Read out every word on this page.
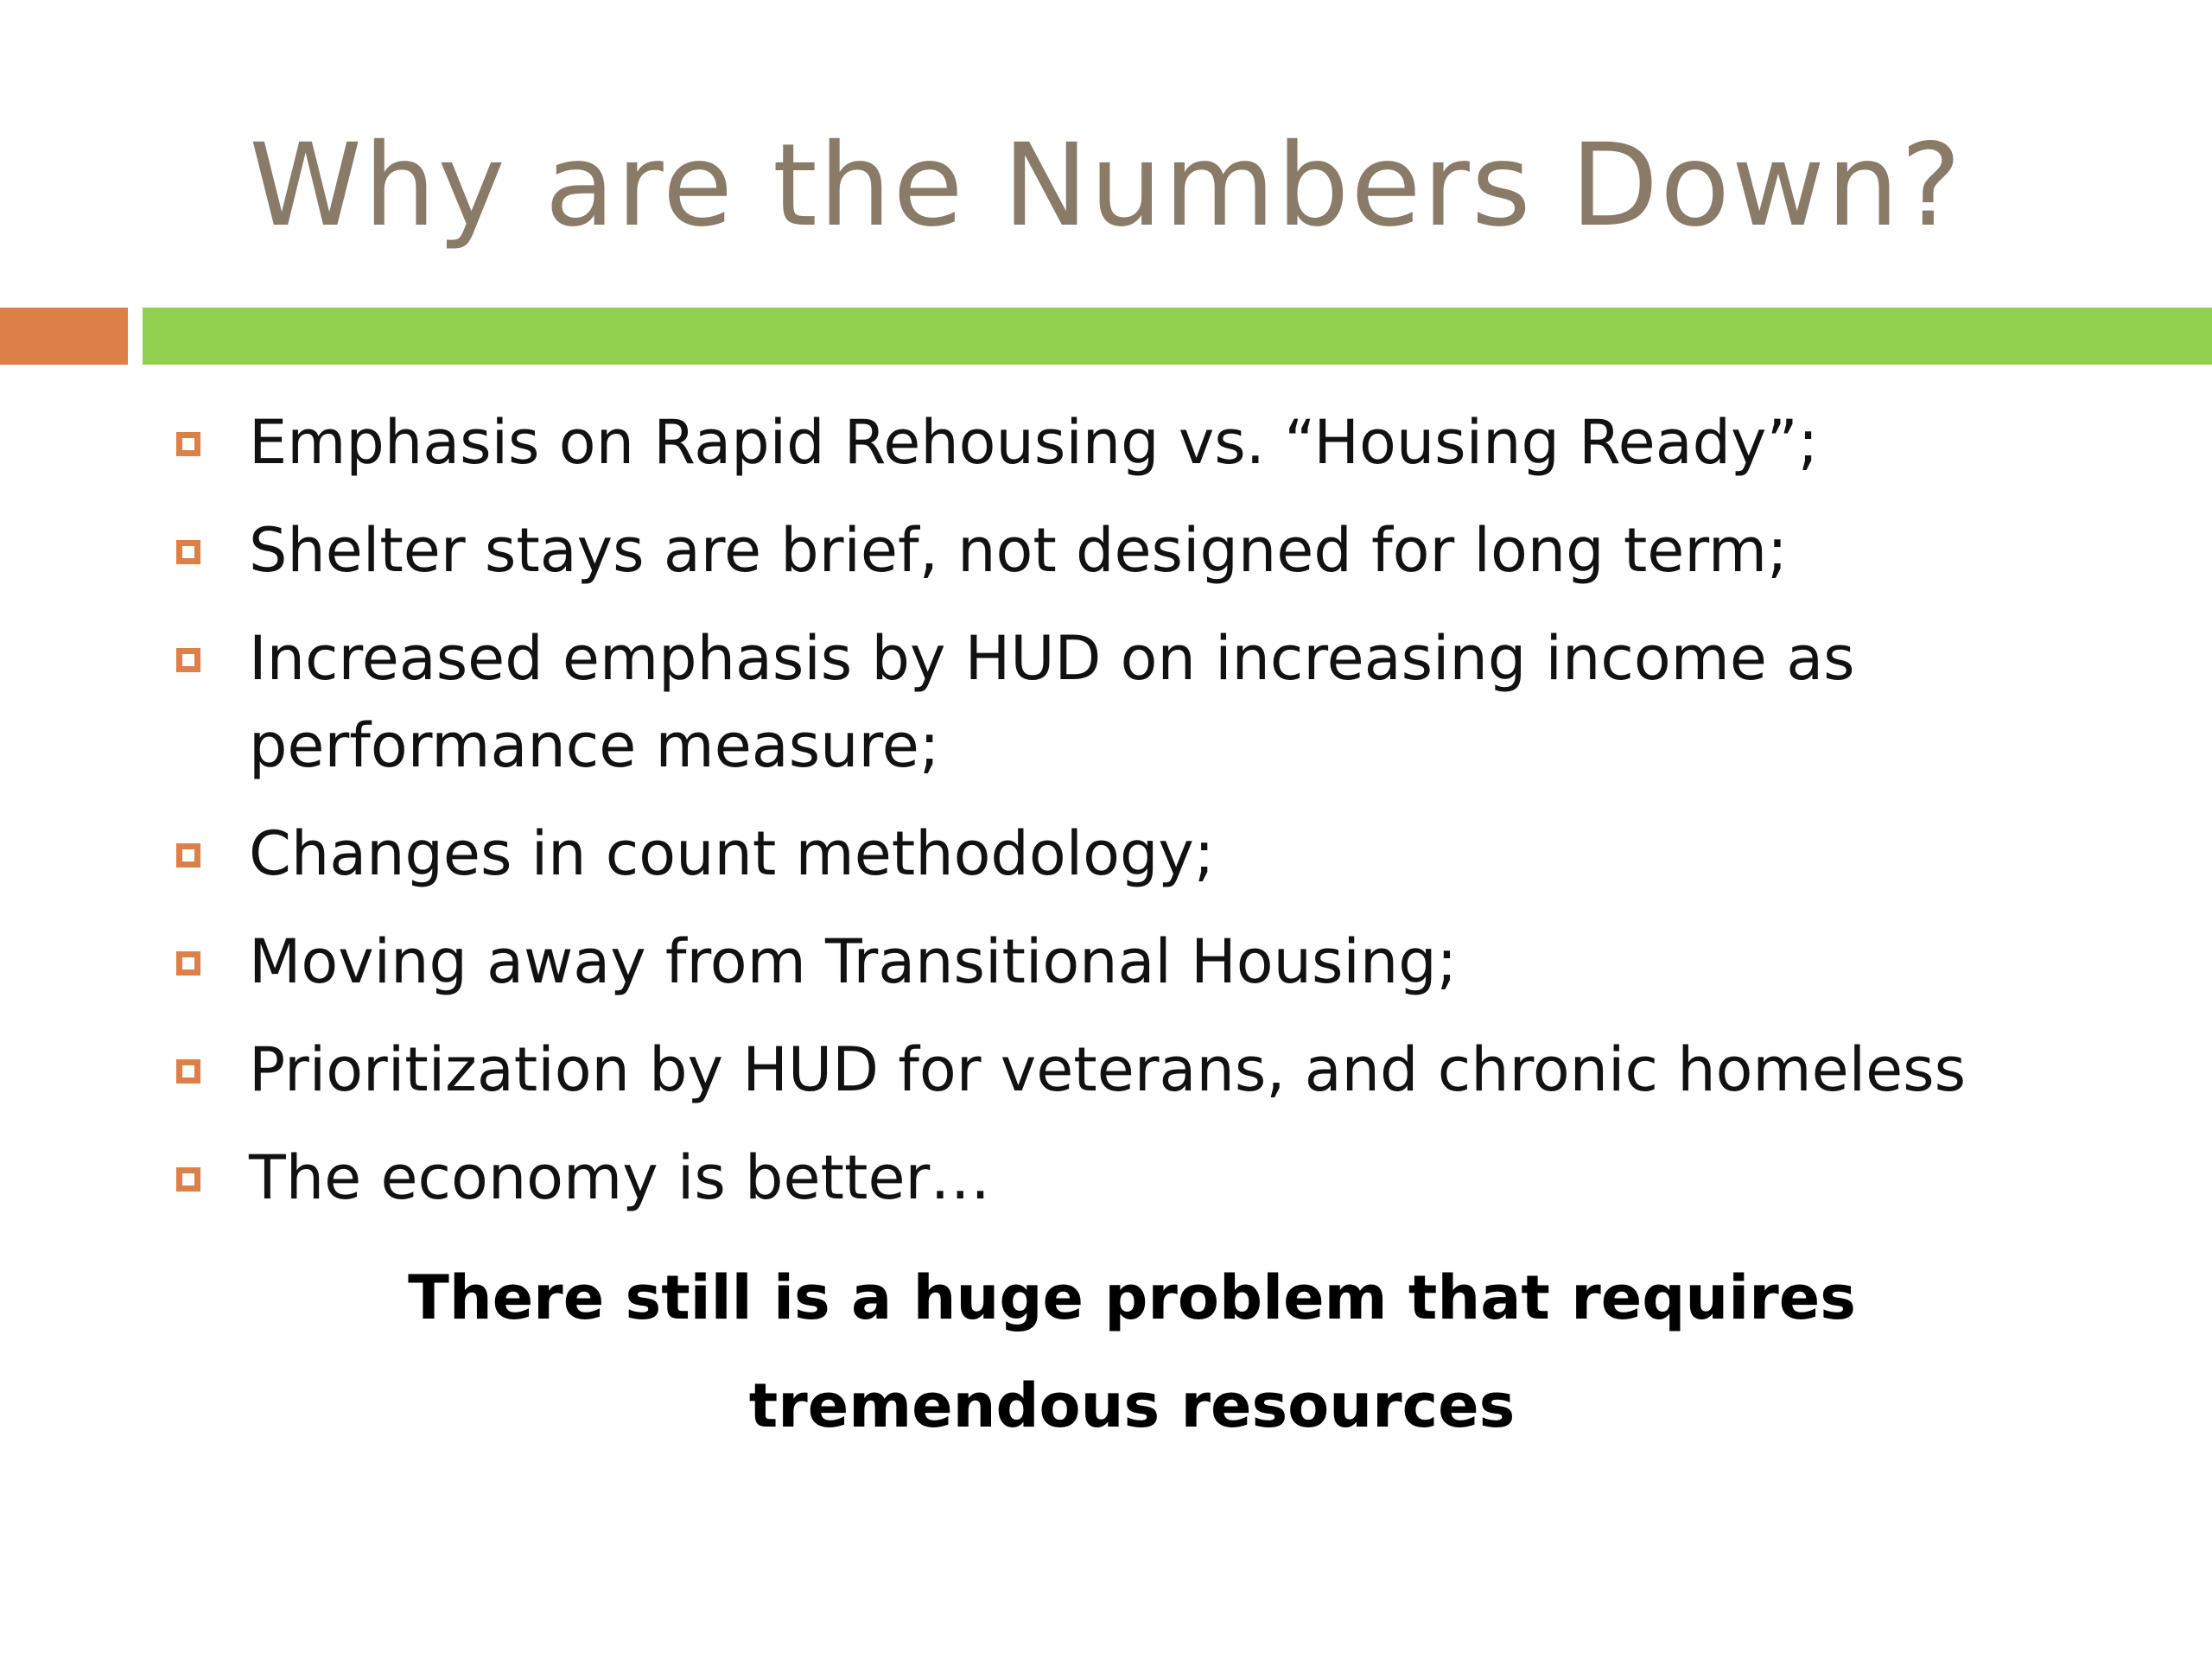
Why are the Numbers Down?
Emphasis on Rapid Rehousing vs. “Housing Ready”;
Shelter stays are brief, not designed for long term;
Increased emphasis by HUD on increasing income as performance measure;
Changes in count methodology;
Moving away from Transitional Housing;
Prioritization by HUD for veterans, and chronic homeless
The economy is better…
There still is a huge problem that requires
tremendous resources
